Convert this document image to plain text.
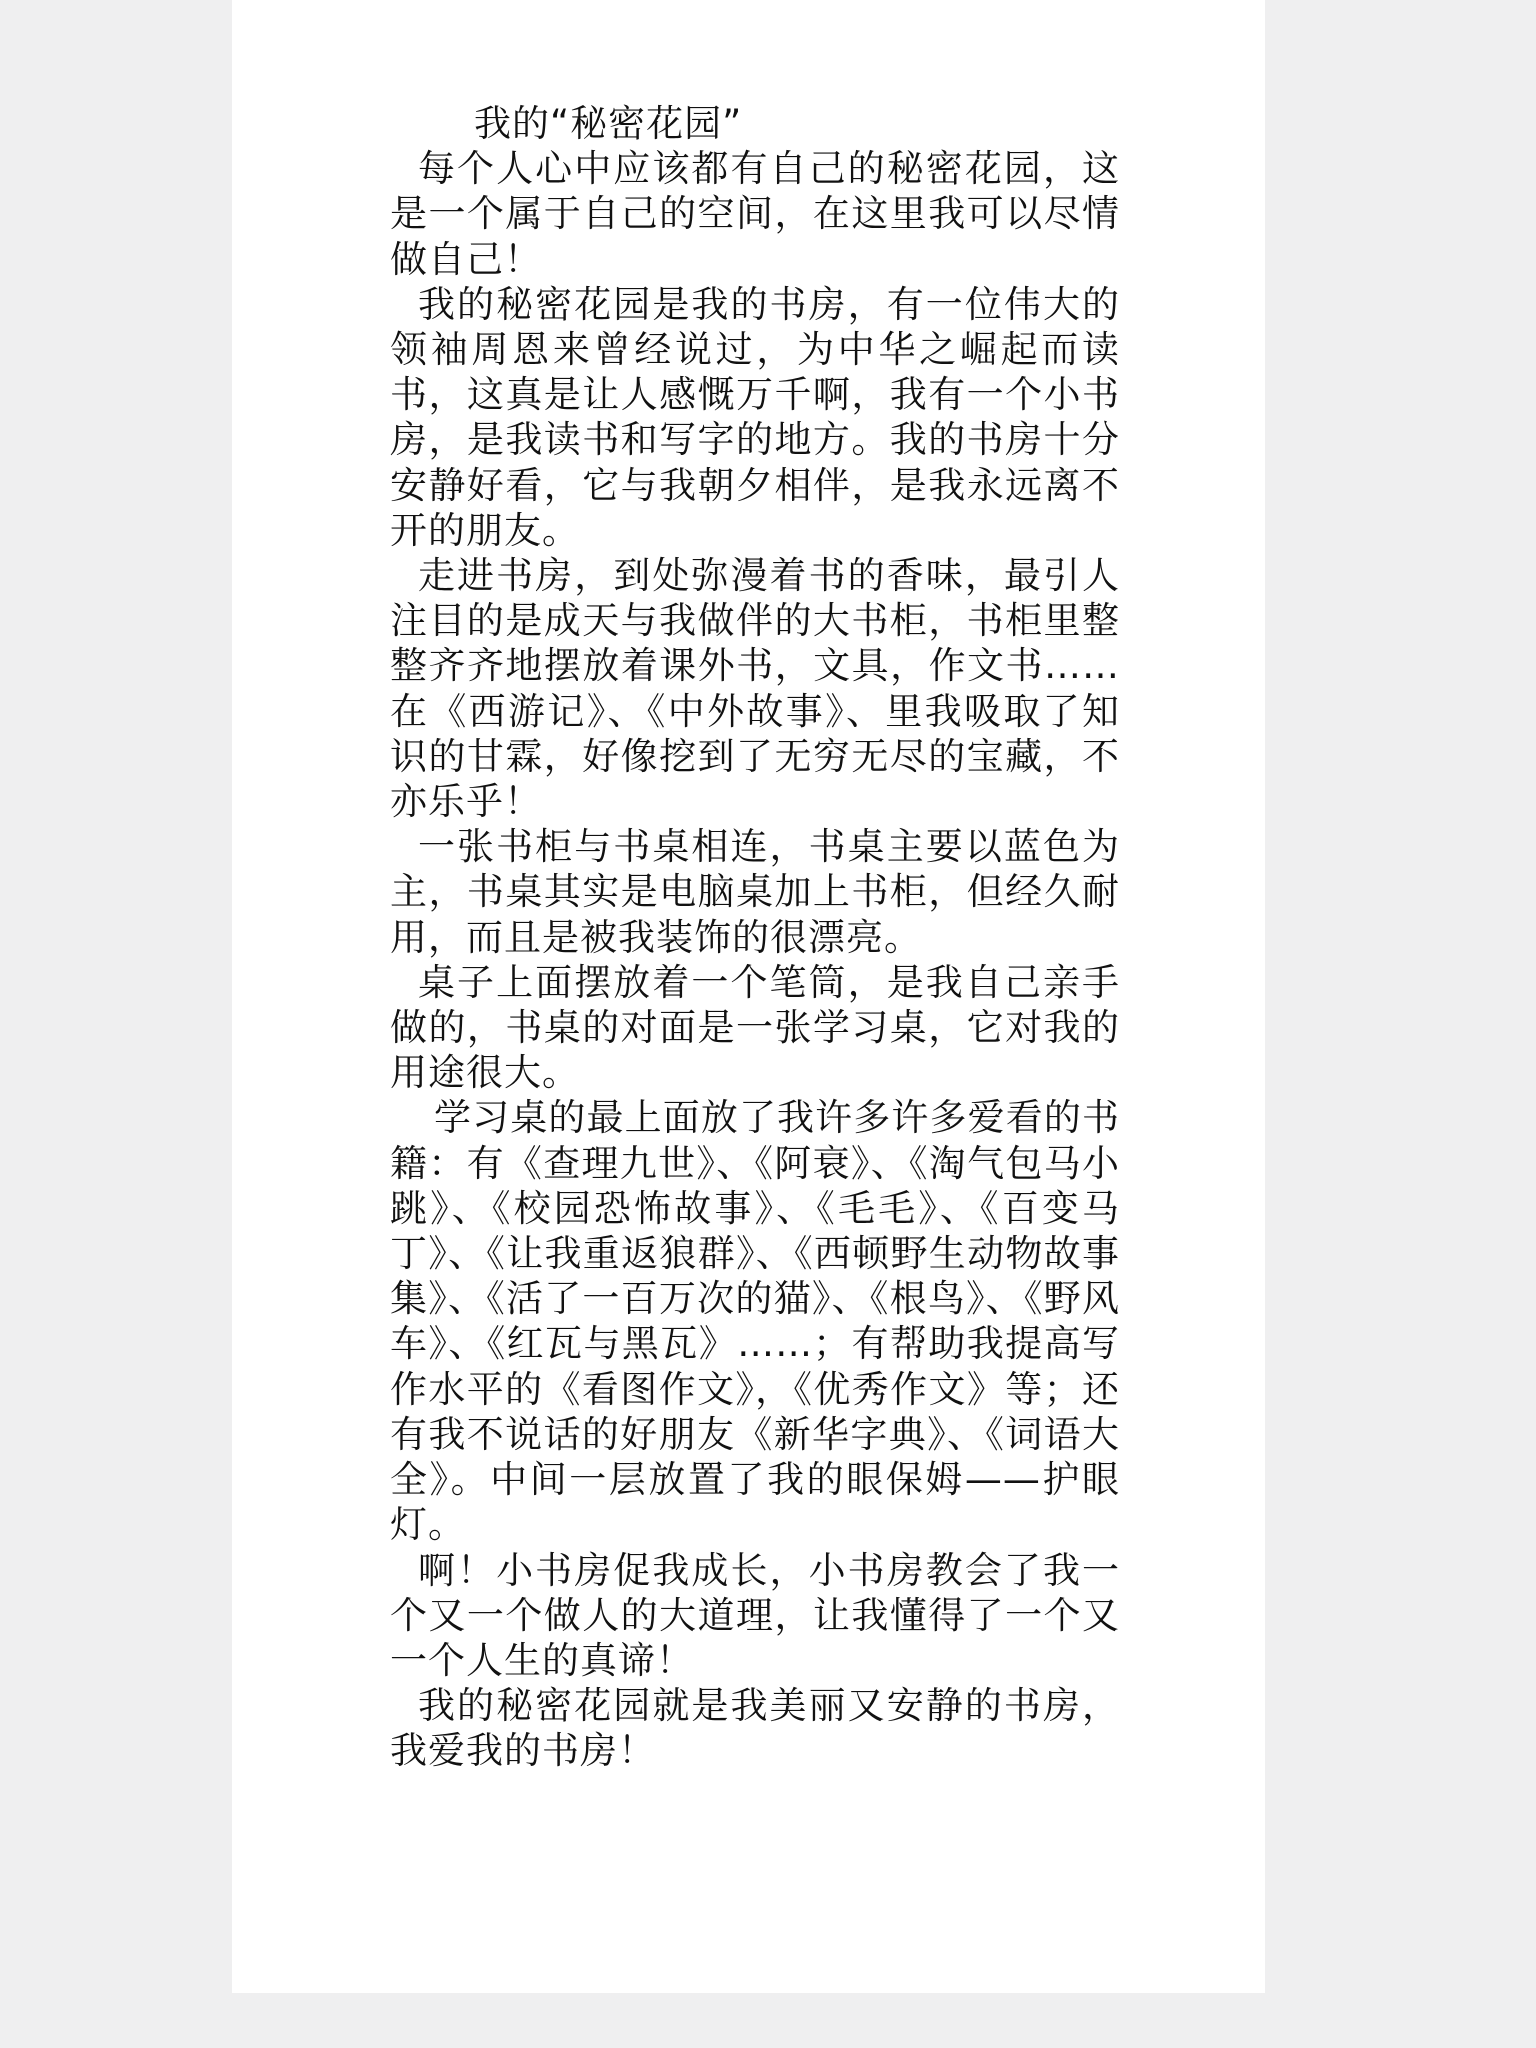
我的“秘密花园”

每个人心中应该都有自己的秘密花园，这是一个属于自己的空间，在这里我可以尽情做自己！

我的秘密花园是我的书房，有一位伟大的领袖周恩来曾经说过，为中华之崛起而读书，这真是让人感慨万千啊，我有一个小书房，是我读书和写字的地方。我的书房十分安静好看，它与我朝夕相伴，是我永远离不开的朋友。

走进书房，到处弥漫着书的香味，最引人注目的是成天与我做伴的大书柜，书柜里整整齐齐地摆放着课外书，文具，作文书……在《西游记》、《中外故事》、里我吸取了知识的甘霖，好像挖到了无穷无尽的宝藏，不亦乐乎！

一张书柜与书桌相连，书桌主要以蓝色为主，书桌其实是电脑桌加上书柜，但经久耐用，而且是被我装饰的很漂亮。

桌子上面摆放着一个笔筒，是我自己亲手做的，书桌的对面是一张学习桌，它对我的用途很大。

学习桌的最上面放了我许多许多爱看的书籍：有《查理九世》、《阿衰》、《淘气包马小跳》、《校园恐怖故事》、《毛毛》、《百变马丁》、《让我重返狼群》、《西顿野生动物故事集》、《活了一百万次的猫》、《根鸟》、《野风车》、《红瓦与黑瓦》……；有帮助我提高写作水平的《看图作文》，《优秀作文》等；还有我不说话的好朋友《新华字典》、《词语大全》。中间一层放置了我的眼保姆——护眼灯。

啊！小书房促我成长，小书房教会了我一个又一个做人的大道理，让我懂得了一个又一个人生的真谛！

我的秘密花园就是我美丽又安静的书房，我爱我的书房！
